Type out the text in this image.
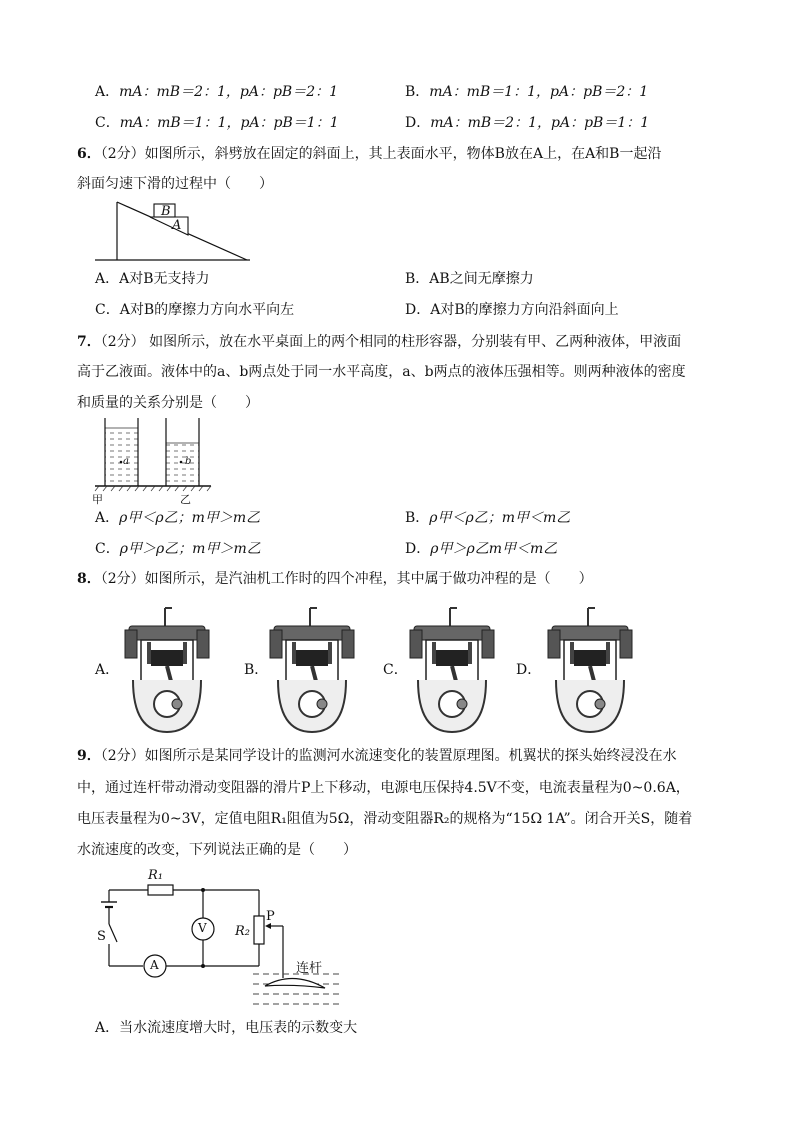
A．mA：mB＝2：1，pA：pB＝2：1	B．mA：mB＝1：1，pA：pB＝2：1
C．mA：mB＝1：1，pA：pB＝1：1	D．mA：mB＝2：1，pA：pB＝1：1
6．（2分）如图所示，斜劈放在固定的斜面上，其上表面水平，物体B放在A上，在A和B一起沿
斜面匀速下滑的过程中（　　）
B
A
A．A对B无支持力	B．AB之间无摩擦力
C．A对B的摩擦力方向水平向左	D．A对B的摩擦力方向沿斜面向上
7．（2分） 如图所示，放在水平桌面上的两个相同的柱形容器，分别装有甲、乙两种液体，甲液面
高于乙液面。液体中的a、b两点处于同一水平高度，a、b两点的液体压强相等。则两种液体的密度
和质量的关系分别是（　　）
a	b
甲	乙
A．ρ甲＜ρ乙；m甲＞m乙	B．ρ甲＜ρ乙；m甲＜m乙
C．ρ甲＞ρ乙；m甲＞m乙	D．ρ甲＞ρ乙m甲＜m乙
8．（2分）如图所示，是汽油机工作时的四个冲程，其中属于做功冲程的是（　　）
A．	B．	C．	D．
9．（2分）如图所示是某同学设计的监测河水流速变化的装置原理图。机翼状的探头始终浸没在水
中，通过连杆带动滑动变阻器的滑片P上下移动，电源电压保持4.5V不变，电流表量程为0~0.6A，
电压表量程为0~3V，定值电阻R₁阻值为5Ω，滑动变阻器R₂的规格为“15Ω 1A”。闭合开关S，随着
水流速度的改变，下列说法正确的是（　　）
R₁
R₂
P
V
A
S
连杆
A．当水流速度增大时，电压表的示数变大
